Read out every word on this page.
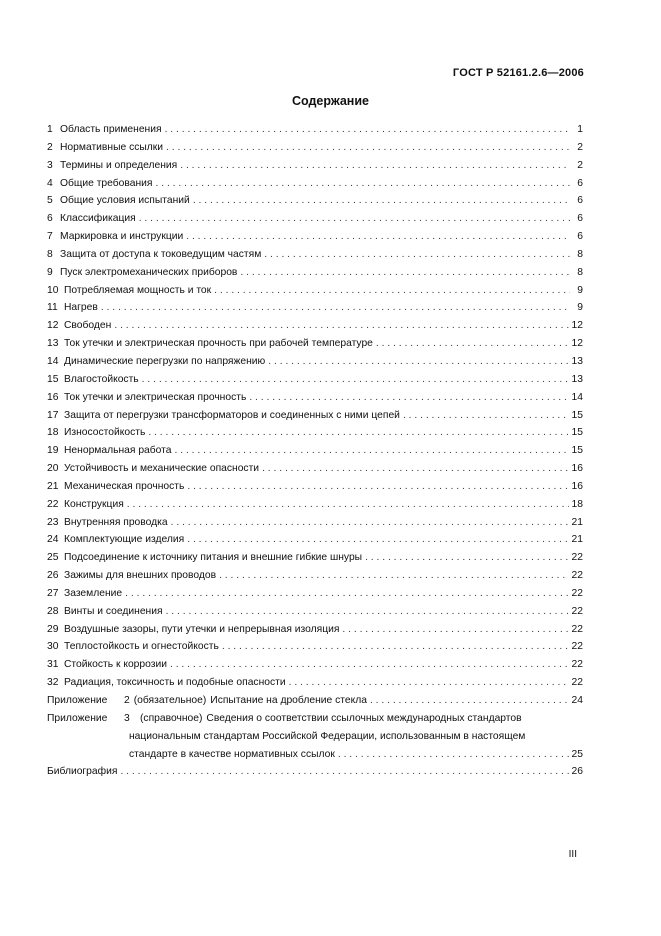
ГОСТ Р 52161.2.6—2006
Содержание
1 Область применения . . .	1
2 Нормативные ссылки . . .	2
3 Термины и определения . . .	2
4 Общие требования . . .	6
5 Общие условия испытаний . . .	6
6 Классификация . . .	6
7 Маркировка и инструкции . . .	6
8 Защита от доступа к токоведущим частям . . .	8
9 Пуск электромеханических приборов . . .	8
10 Потребляемая мощность и ток . . .	9
11 Нагрев . . .	9
12 Свободен . . .	12
13 Ток утечки и электрическая прочность при рабочей температуре . . .	12
14 Динамические перегрузки по напряжению . . .	13
15 Влагостойкость . . .	13
16 Ток утечки и электрическая прочность . . .	14
17 Защита от перегрузки трансформаторов и соединенных с ними цепей . . .	15
18 Износостойкость . . .	15
19 Ненормальная работа . . .	15
20 Устойчивость и механические опасности . . .	16
21 Механическая прочность . . .	16
22 Конструкция . . .	18
23 Внутренняя проводка . . .	21
24 Комплектующие изделия . . .	21
25 Подсоединение к источнику питания и внешние гибкие шнуры . . .	22
26 Зажимы для внешних проводов . . .	22
27 Заземление . . .	22
28 Винты и соединения . . .	22
29 Воздушные зазоры, пути утечки и непрерывная изоляция . . .	22
30 Теплостойкость и огнестойкость . . .	22
31 Стойкость к коррозии . . .	22
32 Радиация, токсичность и подобные опасности . . .	22
Приложение	2 (обязательное) Испытание на дробление стекла . . .	24
Приложение	3 (справочное) Сведения о соответствии ссылочных международных стандартов
национальным стандартам Российской Федерации, использованным в настоящем
стандарте в качестве нормативных ссылок . . .	25
Библиография . . .	26
III
